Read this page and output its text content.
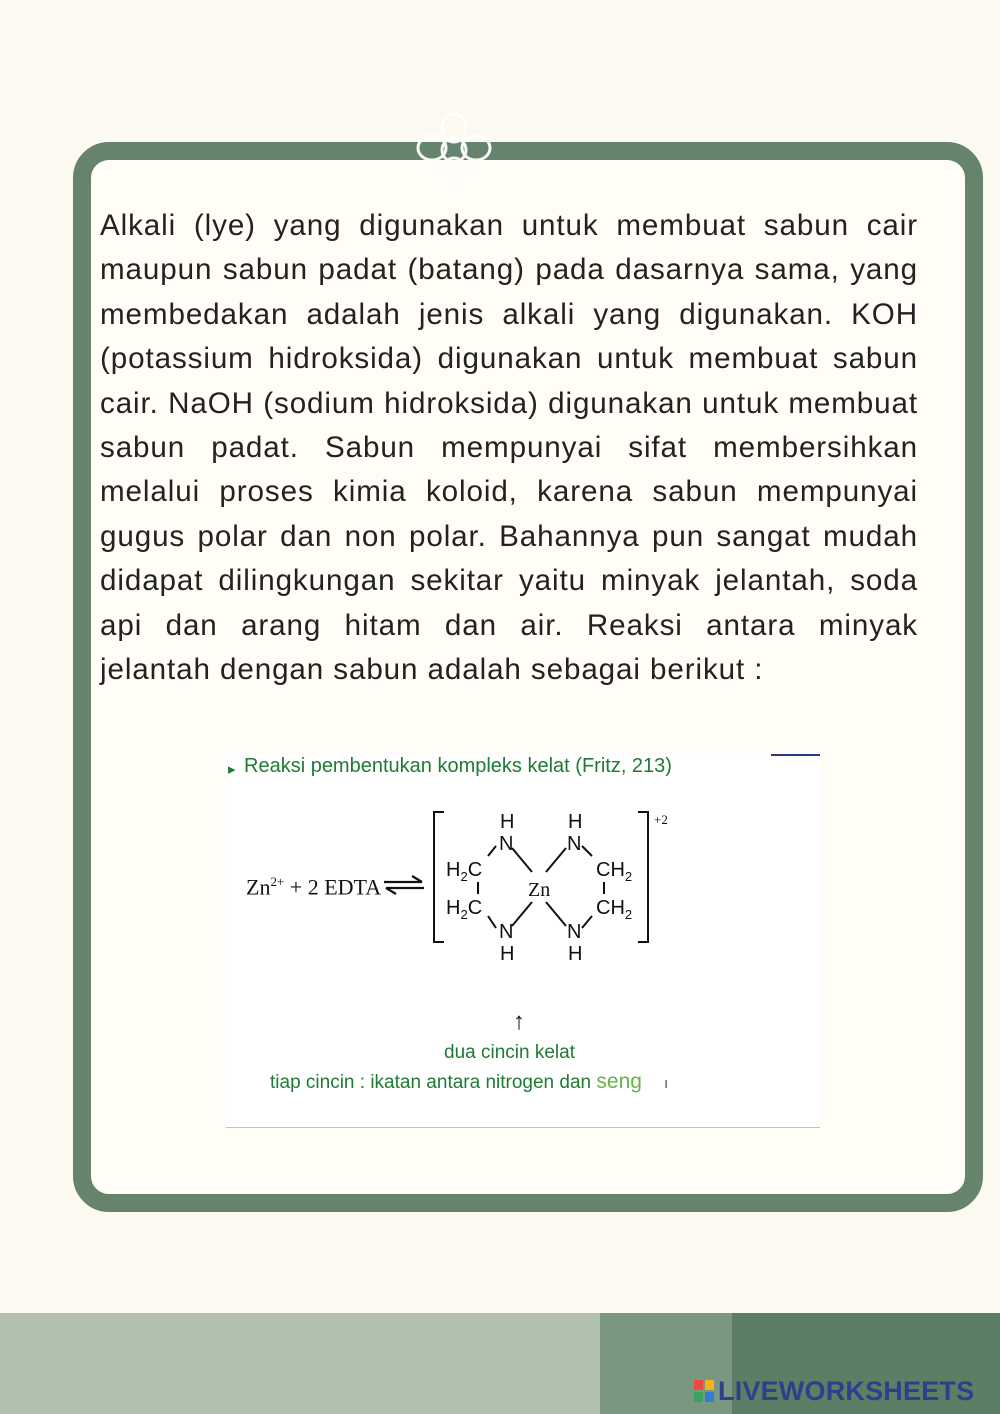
Alkali (lye) yang digunakan untuk membuat sabun cair maupun sabun padat (batang) pada dasarnya sama, yang membedakan adalah jenis alkali yang digunakan. KOH (potassium hidroksida) digunakan untuk membuat sabun cair. NaOH (sodium hidroksida) digunakan untuk membuat sabun padat. Sabun mempunyai sifat membersihkan melalui proses kimia koloid, karena sabun mempunyai gugus polar dan non polar. Bahannya pun sangat mudah didapat dilingkungan sekitar yaitu minyak jelantah, soda api dan arang hitam dan air. Reaksi antara minyak jelantah dengan sabun adalah sebagai berikut :

▸ Reaksi pembentukan kompleks kelat (Fritz, 213)
$Zn^{2+} + 2$ EDTA ⇌
H	H
N	N
Zn
N	N
H	H
$H_2C$
$H_2C$
$CH_2$
$CH_2$
+2
↑
dua cincin kelat
tiap cincin : ikatan antara nitrogen dan seng ı
LIVEWORKSHEETS
